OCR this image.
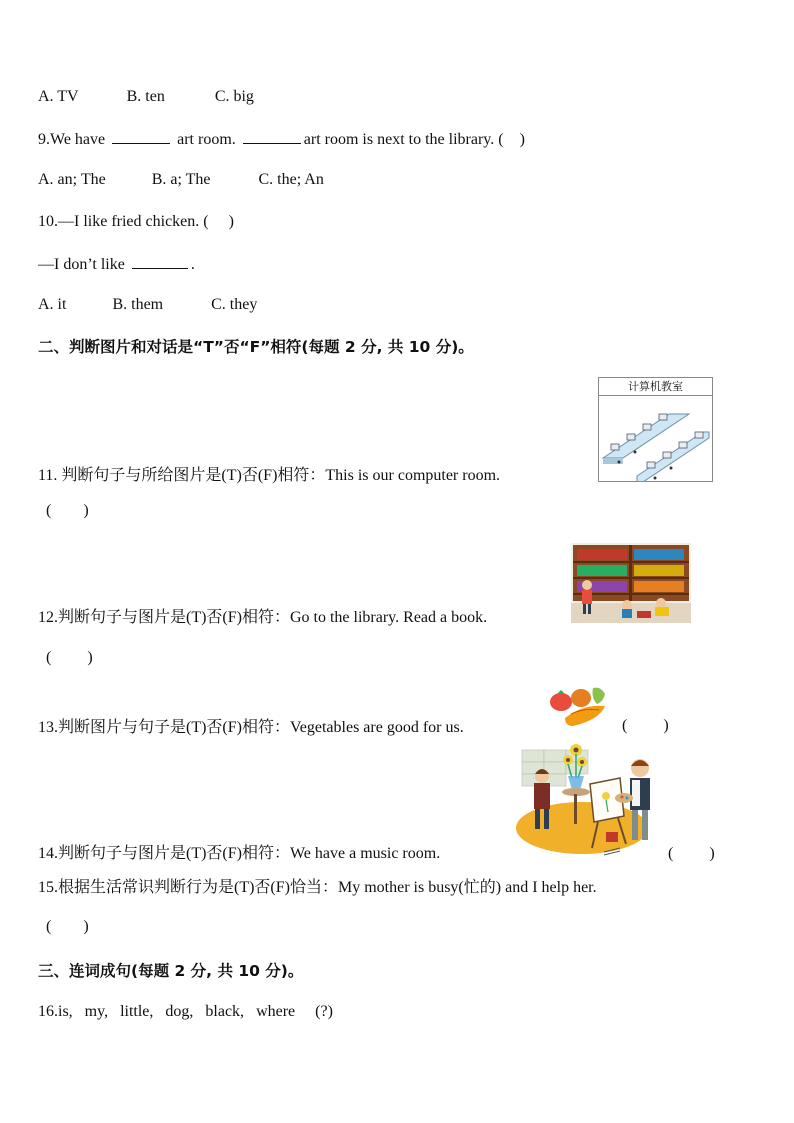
A. TV	B. ten	C. big
9.We have	art room.	art room is next to the library. (    )
A. an; The	B. a; The	C. the; An
10.—I like fried chicken. (     )
—I don’t like	.
A. it	B. them	C. they
二、判断图片和对话是“T”否“F”相符(每题 2 分, 共 10 分)。
计算机教室
11. 判断句子与所给图片是(T)否(F)相符：This is our computer room.
(        )
12.判断句子与图片是(T)否(F)相符：Go to the library. Read a book.
(         )
13.判断图片与句子是(T)否(F)相符：Vegetables are good for us.	(         )
14.判断句子与图片是(T)否(F)相符：We have a music room.	(         )
15.根据生活常识判断行为是(T)否(F)恰当：My mother is busy(忙的) and I help her.
(        )
三、连词成句(每题 2 分, 共 10 分)。
16.is, my, little, dog, black, where (?)
